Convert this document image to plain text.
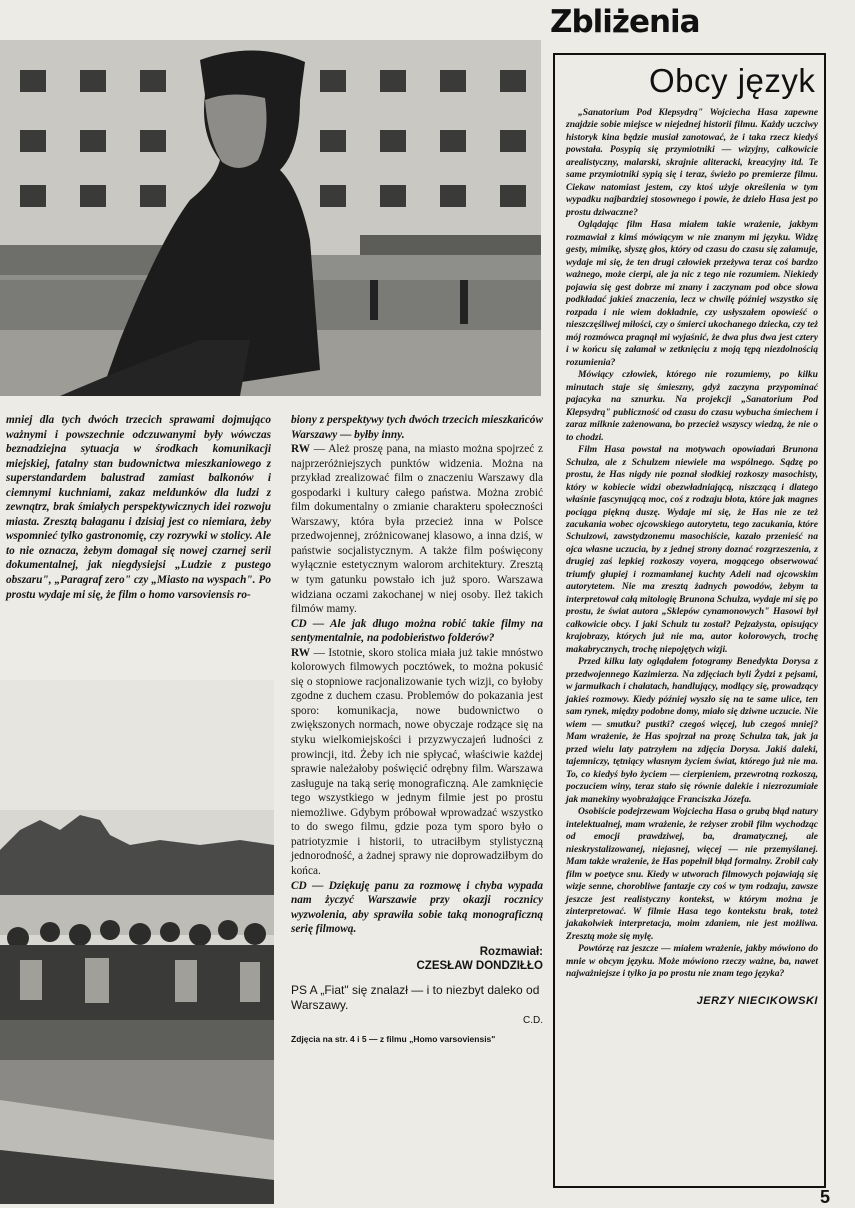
mniej dla tych dwóch trzecich sprawami dojmująco ważnymi i powszechnie odczuwanymi były wówczas beznadziejna sytuacja w środkach komunikacji miejskiej, fatalny stan budownictwa mieszkaniowego z superstandardem balustrad zamiast balkonów i ciemnymi kuchniami, zakaz meldunków dla ludzi z zewnątrz, brak śmiałych perspektywicznych idei rozwoju miasta. Zresztą bałaganu i dzisiaj jest co niemiara, żeby wspomnieć tylko gastronomię, czy rozrywki w stolicy. Ale to nie oznacza, żebym domagał się nowej czarnej serii dokumentalnej, jak niegdysiejsi „Ludzie z pustego obszaru", „Paragraf zero" czy „Miasto na wyspach". Po prostu wydaje mi się, że film o homo varsoviensis ro-

biony z perspektywy tych dwóch trzecich mieszkańców Warszawy — byłby inny.

RW — Ależ proszę pana, na miasto można spojrzeć z najprzeróżniejszych punktów widzenia. Można na przykład zrealizować film o znaczeniu Warszawy dla gospodarki i kultury całego państwa. Można zrobić film dokumentalny o zmianie charakteru społeczności Warszawy, która była przecież inna w Polsce przedwojennej, zróżnicowanej klasowo, a inna dziś, w państwie socjalistycznym. A także film poświęcony wyłącznie estetycznym walorom architektury. Zresztą w tym gatunku powstało ich już sporo. Warszawa widziana oczami zakochanej w niej osoby. Ileż takich filmów mamy.

CD — Ale jak długo można robić takie filmy na sentymentalnie, na podobieństwo folderów?

RW — Istotnie, skoro stolica miała już takie mnóstwo kolorowych filmowych pocztówek, to można pokusić się o stopniowe racjonalizowanie tych wizji, co byłoby zgodne z duchem czasu. Problemów do pokazania jest sporo: komunikacja, nowe budownictwo o zwiększonych normach, nowe obyczaje rodzące się na styku wielkomiejskości i przyzwyczajeń ludności z prowincji, itd. Żeby ich nie spłycać, właściwie każdej sprawie należałoby poświęcić odrębny film. Warszawa zasługuje na taką serię monograficzną. Ale zamknięcie tego wszystkiego w jednym filmie jest po prostu niemożliwe. Gdybym próbował wprowadzać wszystko to do swego filmu, gdzie poza tym sporo było o patriotyzmie i historii, to utraciłbym stylistyczną jednorodność, a żadnej sprawy nie doprowadziłbym do końca.

CD — Dziękuję panu za rozmowę i chyba wypada nam życzyć Warszawie przy okazji rocznicy wyzwolenia, aby sprawiła sobie taką monograficzną serię filmową.

Rozmawiał:
CZESŁAW DONDZIŁŁO
PS A „Fiat" się znalazł — i to niezbyt daleko od Warszawy.
C.D.
Zdjęcia na str. 4 i 5 — z filmu „Homo varsoviensis"
Zbliżenia
Obcy język

„Sanatorium Pod Klepsydrą" Wojciecha Hasa zapewne znajdzie sobie miejsce w niejednej historii filmu. Każdy uczciwy historyk kina będzie musiał zanotować, że i taka rzecz kiedyś powstała. Posypią się przymiotniki — wizyjny, całkowicie arealistyczny, malarski, skrajnie aliteracki, kreacyjny itd. Te same przymiotniki sypią się i teraz, świeżo po premierze filmu. Ciekaw natomiast jestem, czy ktoś użyje określenia w tym wypadku najbardziej stosownego i powie, że dzieło Hasa jest po prostu dziwaczne?

Oglądając film Hasa miałem takie wrażenie, jakbym rozmawiał z kimś mówiącym w nie znanym mi języku. Widzę gesty, mimikę, słyszę głos, który od czasu do czasu się załamuje, wydaje mi się, że ten drugi człowiek przeżywa teraz coś bardzo ważnego, może cierpi, ale ja nic z tego nie rozumiem. Niekiedy pojawia się gest dobrze mi znany i zaczynam pod obce słowa podkładać jakieś znaczenia, lecz w chwilę później wszystko się rozpada i nie wiem dokładnie, czy usłyszałem opowieść o nieszczęśliwej miłości, czy o śmierci ukochanego dziecka, czy też mój rozmówca pragnął mi wyjaśnić, że dwa plus dwa jest cztery i w końcu się załamał w zetknięciu z moją tępą niezdolnością rozumienia?

Mówiący człowiek, którego nie rozumiemy, po kilku minutach staje się śmieszny, gdyż zaczyna przypominać pajacyka na sznurku. Na projekcji „Sanatorium Pod Klepsydrą" publiczność od czasu do czasu wybucha śmiechem i zaraz milknie zażenowana, bo przecież wszyscy wiedzą, że nie o to chodzi.

Film Hasa powstał na motywach opowiadań Brunona Schulza, ale z Schulzem niewiele ma wspólnego. Sądzę po prostu, że Has nigdy nie poznał słodkiej rozkoszy masochisty, który w kobiecie widzi obezwładniającą, niszczącą i dlatego właśnie fascynującą moc, coś z rodzaju błota, które jak magnes pociąga piękną duszę. Wydaje mi się, że Has nie ze też zacukania wobec ojcowskiego autorytetu, tego zacukania, które Schulzowi, zawstydzonemu masochiście, kazało przenieść na ojca własne uczucia, by z jednej strony doznać rozgrzeszenia, z drugiej zaś lepkiej rozkoszy voyera, mogącego obserwować triumfy głupiej i rozmamłanej kuchty Adeli nad ojcowskim autorytetem. Nie ma zresztą żadnych powodów, żebym ta interpretował całą mitologię Brunona Schulza, wydaje mi się po prostu, że świat autora „Sklepów cynamonowych" Hasowi był całkowicie obcy. I jaki Schulz tu został? Pejzażysta, opisujący krajobrazy, których już nie ma, autor kolorowych, trochę makabrycznych, trochę niepojętych wizji.

Przed kilku laty oglądałem fotogramy Benedykta Dorysa z przedwojennego Kazimierza. Na zdjęciach byli Żydzi z pejsami, w jarmułkach i chałatach, handlujący, modlący się, prowadzący jakieś rozmowy. Kiedy później wyszło się na te same ulice, ten sam rynek, między podobne domy, miało się dziwne uczucie. Nie wiem — smutku? pustki? czegoś więcej, lub czegoś mniej? Mam wrażenie, że Has spojrzał na prozę Schulza tak, jak ja przed wielu laty patrzyłem na zdjęcia Dorysa. Jakiś daleki, tajemniczy, tętniący własnym życiem świat, którego już nie ma. To, co kiedyś było życiem — cierpieniem, przewrotną rozkoszą, poczuciem winy, teraz stało się równie dalekie i niezrozumiałe jak manekiny wyobrażające Franciszka Józefa.

Osobiście podejrzewam Wojciecha Hasa o grubą błąd natury intelektualnej, mam wrażenie, że reżyser zrobił film wychodząc od emocji prawdziwej, ba, dramatycznej, ale nieskrystalizowanej, niejasnej, więcej — nie przemyślanej. Mam także wrażenie, że Has popełnił błąd formalny. Zrobił cały film w poetyce snu. Kiedy w utworach filmowych pojawiają się wizje senne, chorobliwe fantazje czy coś w tym rodzaju, zawsze jeszcze jest realistyczny kontekst, w którym można je zinterpretować. W filmie Hasa tego kontekstu brak, toteż jakakolwiek interpretacja, moim zdaniem, nie jest możliwa. Zresztą może się mylę.

Powtórzę raz jeszcze — miałem wrażenie, jakby mówiono do mnie w obcym języku. Może mówiono rzeczy ważne, ba, nawet najważniejsze i tylko ja po prostu nie znam tego języka?

JERZY NIECIKOWSKI
5
